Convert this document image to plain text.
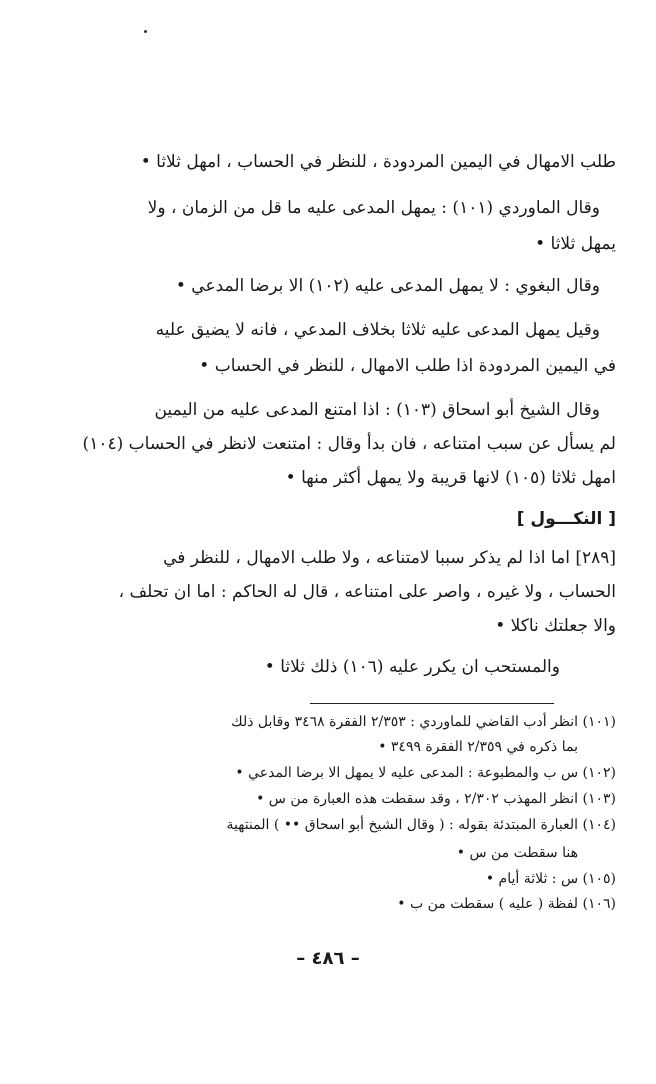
طلب الامهال في اليمين المردودة ، للنظر في الحساب ، امهل ثلاثا •
وقال الماوردي (١٠١) : يمهل المدعى عليه ما قل من الزمان ، ولا
يمهل ثلاثا •
وقال البغوي : لا يمهل المدعى عليه (١٠٢) الا برضا المدعي •
وقيل يمهل المدعى عليه ثلاثا بخلاف المدعي ، فانه لا يضيق عليه
في اليمين المردودة اذا طلب الامهال ، للنظر في الحساب •
وقال الشيخ أبو اسحاق (١٠٣) : اذا امتنع المدعى عليه من اليمين
لم يسأل عن سبب امتناعه ، فان بدأ وقال : امتنعت لانظر في الحساب (١٠٤)
امهل ثلاثا (١٠٥) لانها قريبة ولا يمهل أكثر منها •
[ النكـــول ]
[٢٨٩] اما اذا لم يذكر سببا لامتناعه ، ولا طلب الامهال ، للنظر في
الحساب ، ولا غيره ، واصر على امتناعه ، قال له الحاكم : اما ان تحلف ،
والا جعلتك ناكلا •
والمستحب ان يكرر عليه (١٠٦) ذلك ثلاثا •
(١٠١) انظر أدب القاضي للماوردي : ٢/٣٥٣ الفقرة ٣٤٦٨ وقابل ذلك
بما ذكره في ٢/٣٥٩ الفقرة ٣٤٩٩ •
(١٠٢) س ب والمطبوعة : المدعى عليه لا يمهل الا برضا المدعي •
(١٠٣) انظر المهذب ٢/٣٠٢ ، وقد سقطت هذه العبارة من س •
(١٠٤) العبارة المبتدئة بقوله : ( وقال الشيخ أبو اسحاق •• ) المنتهية
هنا سقطت من س •
(١٠٥) س : ثلاثة أيام •
(١٠٦) لفظة ( عليه ) سقطت من ب •
– ٤٨٦ –
